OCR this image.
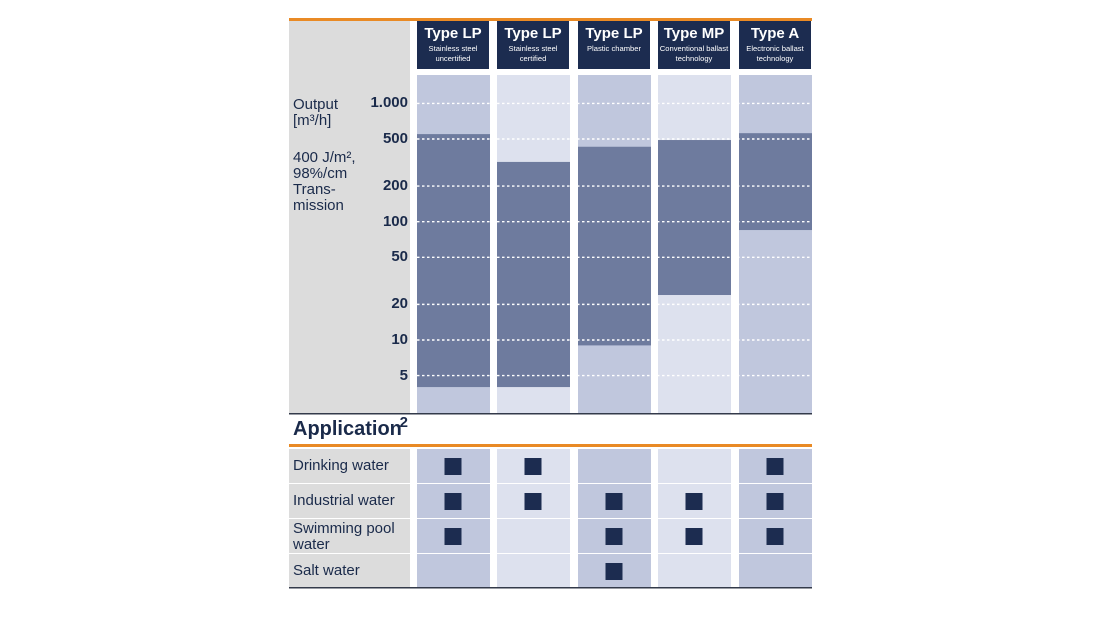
Type LP
Stainless steel uncertified
Type LP
Stainless steel certified
Type LP
Plastic chamber
Type MP
Conventional ballast technology
Type A
Electronic ballast technology
Output [m³/h]
400 J/m², 98%/cm Trans-mission
1.000
500
200
100
50
20
10
5
2
Application
Drinking water
Industrial water
Swimming pool water
Salt water
